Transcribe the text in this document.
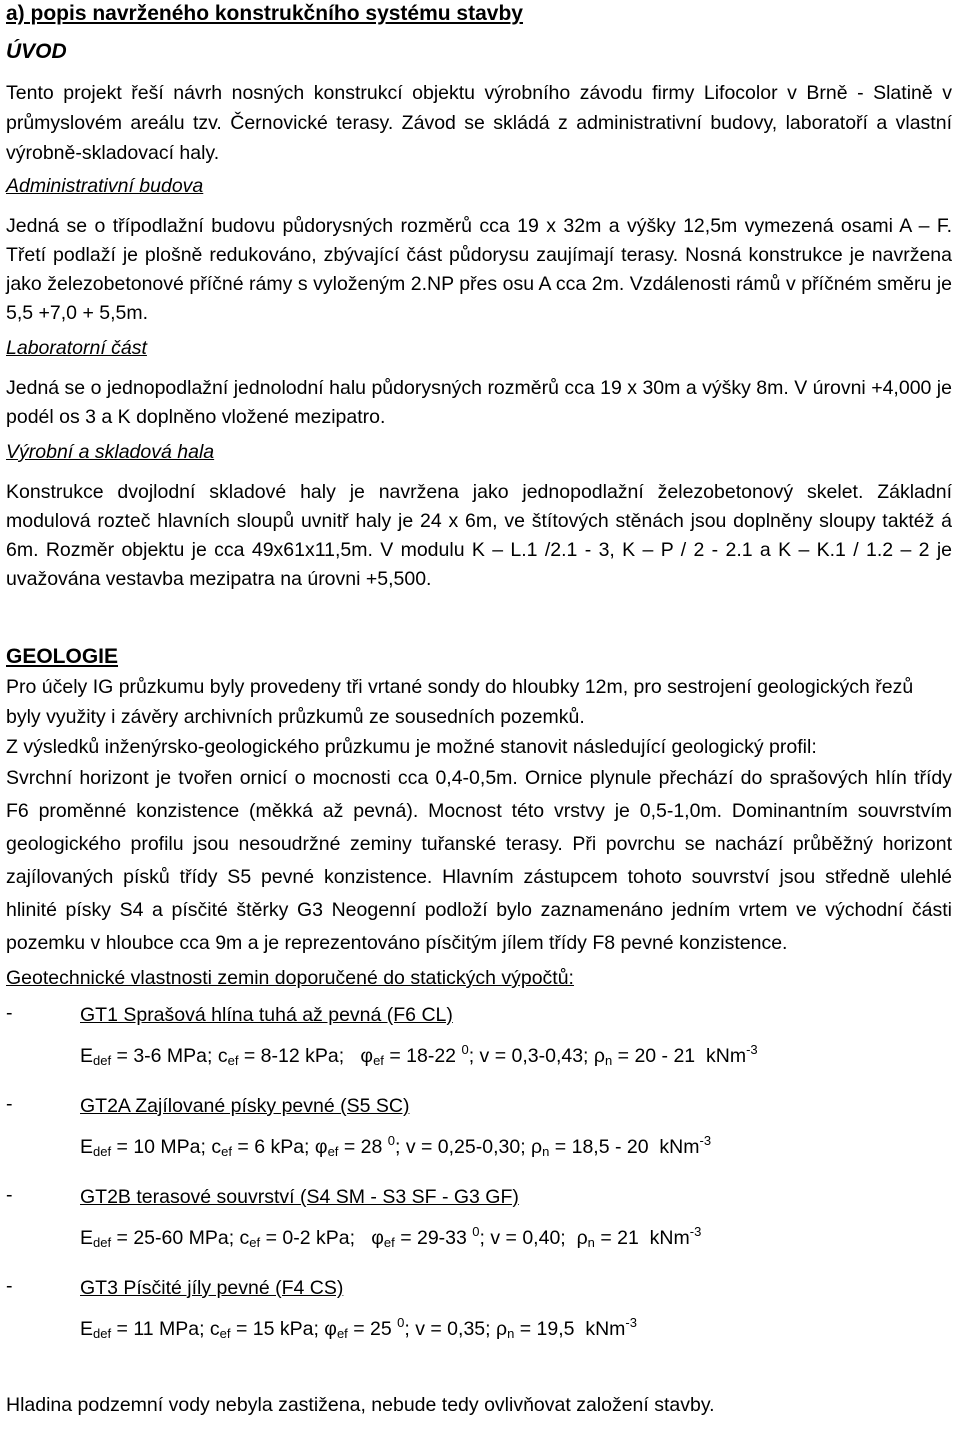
a) popis navrženého konstrukčního systému stavby
ÚVOD

Tento projekt řeší návrh nosných konstrukcí objektu výrobního závodu firmy Lifocolor v Brně - Slatině v průmyslovém areálu tzv. Černovické terasy. Závod se skládá z administrativní budovy, laboratoří a vlastní výrobně-skladovací haly.

Administrativní budova

Jedná se o třípodlažní budovu půdorysných rozměrů cca 19 x 32m a výšky 12,5m vymezená osami A – F. Třetí podlaží je plošně redukováno, zbývající část půdorysu zaujímají terasy. Nosná konstrukce je navržena jako železobetonové příčné rámy s vyloženým 2.NP přes osu A cca 2m. Vzdálenosti rámů v příčném směru je 5,5 +7,0 + 5,5m.

Laboratorní část

Jedná se o jednopodlažní jednolodní halu půdorysných rozměrů cca 19 x 30m a výšky 8m. V úrovni +4,000 je podél os 3 a K doplněno vložené mezipatro.

Výrobní a skladová hala

Konstrukce dvojlodní skladové haly je navržena jako jednopodlažní železobetonový skelet. Základní modulová rozteč hlavních sloupů uvnitř haly je 24 x 6m, ve štítových stěnách jsou doplněny sloupy taktéž á 6m. Rozměr objektu je cca 49x61x11,5m. V modulu K – L.1 /2.1 - 3, K – P / 2 - 2.1 a K – K.1 / 1.2 – 2 je uvažována vestavba mezipatra na úrovni +5,500.

GEOLOGIE

Pro účely IG průzkumu byly provedeny tři vrtané sondy do hloubky 12m, pro sestrojení geologických řezů byly využity i závěry archivních průzkumů ze sousedních pozemků.

Z výsledků inženýrsko-geologického průzkumu je možné stanovit následující geologický profil:

Svrchní horizont je tvořen ornicí o mocnosti cca 0,4-0,5m. Ornice plynule přechází do sprašových hlín třídy F6 proměnné konzistence (měkká až pevná). Mocnost této vrstvy je 0,5-1,0m. Dominantním souvrstvím geologického profilu jsou nesoudržné zeminy tuřanské terasy. Při povrchu se nachází průběžný horizont zajílovaných písků třídy S5 pevné konzistence. Hlavním zástupcem tohoto souvrství jsou středně ulehlé hlinité písky S4 a písčité štěrky G3 Neogenní podloží bylo zaznamenáno jedním vrtem ve východní části pozemku v hloubce cca 9m a je reprezentováno písčitým jílem třídy F8 pevné konzistence.

Geotechnické vlastnosti zemin doporučené do statických výpočtů:
-	GT1 Sprašová hlína tuhá až pevná (F6 CL)
$E_{def} = 3-6$ MPa; $c_{ef} = 8-12$ kPa; $\varphi_{ef} = 18-22$ $^0$; v = 0,3-0,43; $\rho_n = 20 - 21$ kNm$^{-3}$
-	GT2A Zajílované písky pevné (S5 SC)
$E_{def} = 10$ MPa; $c_{ef} = 6$ kPa; $\varphi_{ef} = 28$ $^0$; v = 0,25-0,30; $\rho_n = 18,5 - 20$ kNm$^{-3}$
-	GT2B terasové souvrství (S4 SM - S3 SF - G3 GF)
$E_{def} = 25-60$ MPa; $c_{ef} = 0-2$ kPa; $\varphi_{ef} = 29-33$ $^0$; v = 0,40; $\rho_n = 21$ kNm$^{-3}$
-	GT3 Písčité jíly pevné (F4 CS)
$E_{def} = 11$ MPa; $c_{ef} = 15$ kPa; $\varphi_{ef} = 25$ $^0$; v = 0,35; $\rho_n = 19,5$ kNm$^{-3}$

Hladina podzemní vody nebyla zastižena, nebude tedy ovlivňovat založení stavby.
